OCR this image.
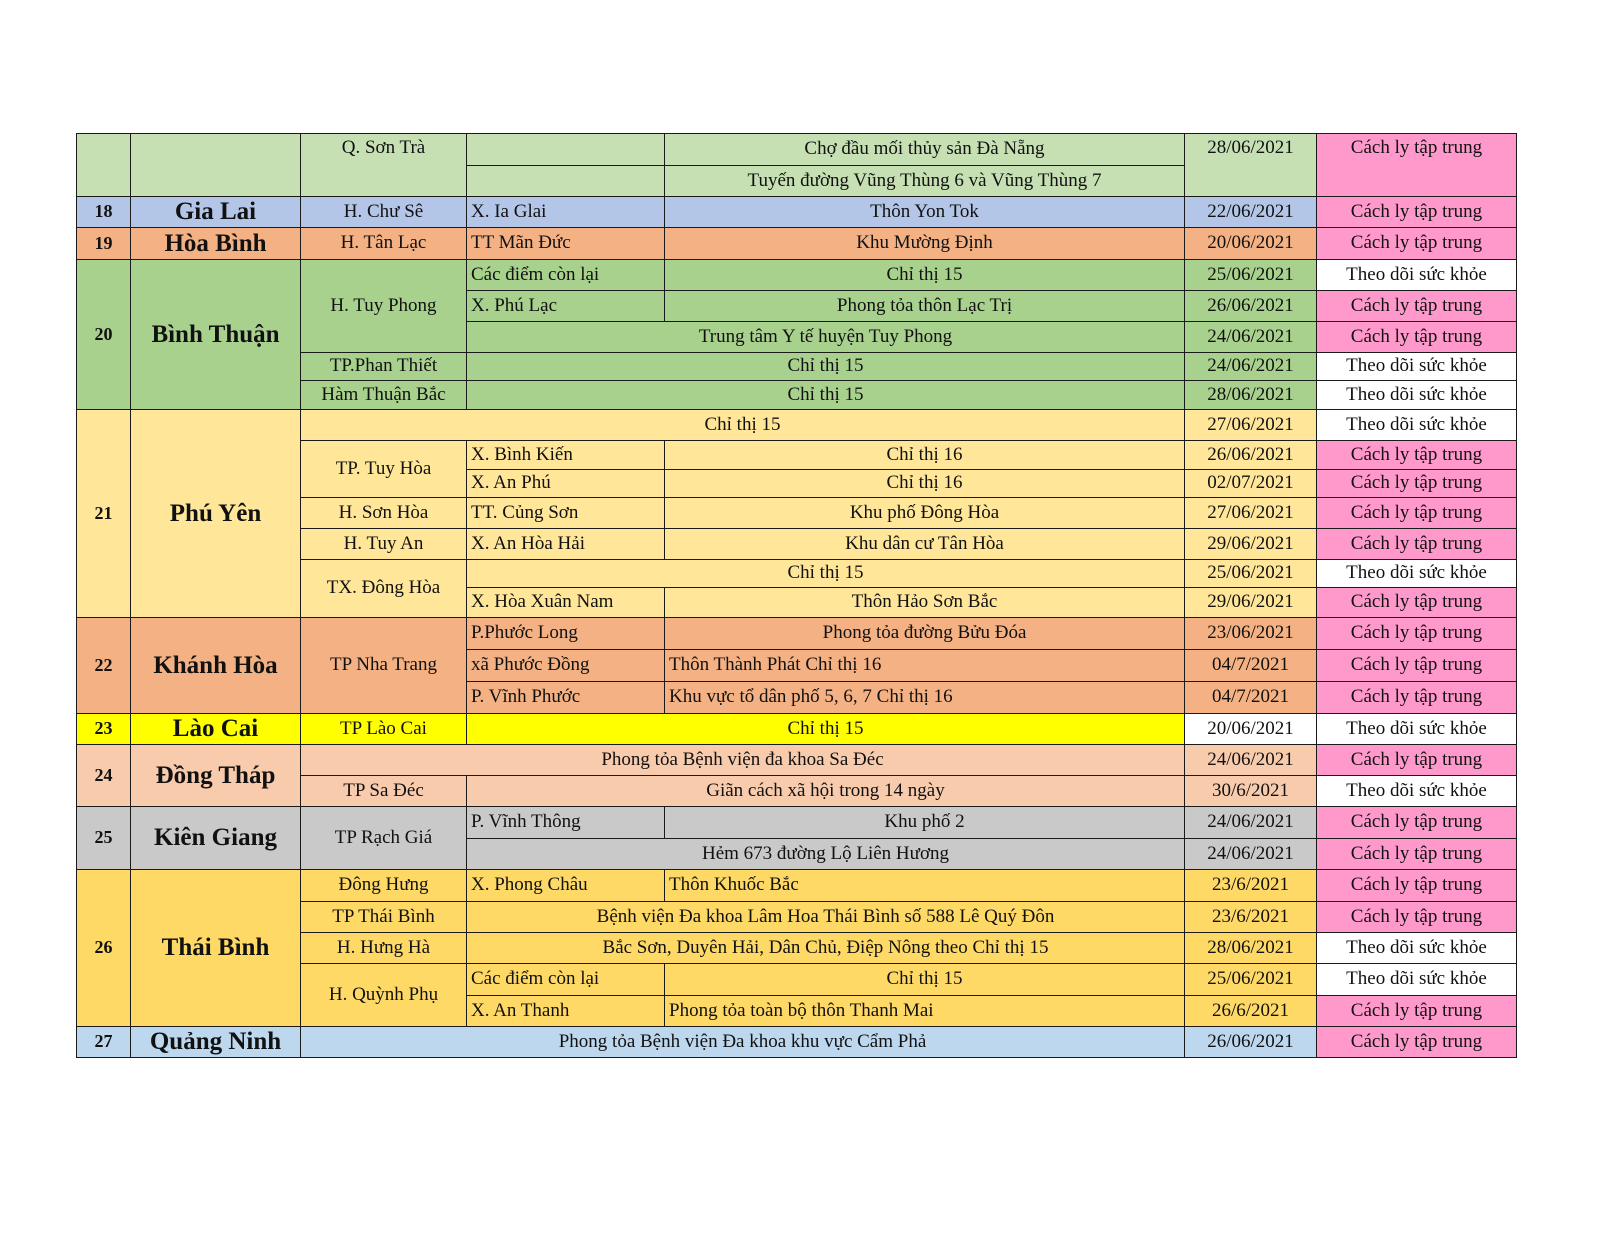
		Q. Sơn Trà		Chợ đầu mối thủy sản Đà Nẵng	28/06/2021	Cách ly tập trung
				Tuyến đường Vũng Thùng 6 và Vũng Thùng 7		
18	Gia Lai	H. Chư Sê	X. Ia Glai	Thôn Yon Tok	22/06/2021	Cách ly tập trung
19	Hòa Bình	H. Tân Lạc	TT Mãn Đức	Khu Mường Định	20/06/2021	Cách ly tập trung
20	Bình Thuận	H. Tuy Phong	Các điểm còn lại	Chỉ thị 15	25/06/2021	Theo dõi sức khỏe
			X. Phú Lạc	Phong tỏa thôn Lạc Trị	26/06/2021	Cách ly tập trung
			Trung tâm Y tế huyện Tuy Phong		24/06/2021	Cách ly tập trung
		TP.Phan Thiết	Chỉ thị 15		24/06/2021	Theo dõi sức khỏe
		Hàm Thuận Bắc	Chỉ thị 15		28/06/2021	Theo dõi sức khỏe
21	Phú Yên	Chỉ thị 15			27/06/2021	Theo dõi sức khỏe
		TP. Tuy Hòa	X. Bình Kiến	Chỉ thị 16	26/06/2021	Cách ly tập trung
			X. An Phú	Chỉ thị 16	02/07/2021	Cách ly tập trung
		H. Sơn Hòa	TT. Củng Sơn	Khu phố Đông Hòa	27/06/2021	Cách ly tập trung
		H. Tuy An	X. An Hòa Hải	Khu dân cư Tân Hòa	29/06/2021	Cách ly tập trung
		TX. Đông Hòa	Chỉ thị 15		25/06/2021	Theo dõi sức khỏe
			X. Hòa Xuân Nam	Thôn Hảo Sơn Bắc	29/06/2021	Cách ly tập trung
22	Khánh Hòa	TP Nha Trang	P.Phước Long	Phong tỏa đường Bửu Đóa	23/06/2021	Cách ly tập trung
			xã Phước Đồng	Thôn Thành Phát Chỉ thị 16	04/7/2021	Cách ly tập trung
			P. Vĩnh Phước	Khu vực tổ dân phố 5, 6, 7 Chỉ thị 16	04/7/2021	Cách ly tập trung
23	Lào Cai	TP Lào Cai	Chỉ thị 15		20/06/2021	Theo dõi sức khỏe
24	Đồng Tháp	Phong tỏa Bệnh viện đa khoa Sa Đéc			24/06/2021	Cách ly tập trung
		TP Sa Đéc	Giãn cách xã hội trong 14 ngày		30/6/2021	Theo dõi sức khỏe
25	Kiên Giang	TP Rạch Giá	P. Vĩnh Thông	Khu phố 2	24/06/2021	Cách ly tập trung
			Hẻm 673 đường Lộ Liên Hương		24/06/2021	Cách ly tập trung
26	Thái Bình	Đông Hưng	X. Phong Châu	Thôn Khuốc Bắc	23/6/2021	Cách ly tập trung
		TP Thái Bình	Bệnh viện Đa khoa Lâm Hoa Thái Bình số 588 Lê Quý Đôn		23/6/2021	Cách ly tập trung
		H. Hưng Hà	Bắc Sơn, Duyên Hải, Dân Chủ, Điệp Nông theo Chỉ thị 15		28/06/2021	Theo dõi sức khỏe
		H. Quỳnh Phụ	Các điểm còn lại	Chỉ thị 15	25/06/2021	Theo dõi sức khỏe
			X. An Thanh	Phong tỏa toàn bộ thôn Thanh Mai	26/6/2021	Cách ly tập trung
27	Quảng Ninh	Phong tỏa Bệnh viện Đa khoa khu vực Cẩm Phả			26/06/2021	Cách ly tập trung
